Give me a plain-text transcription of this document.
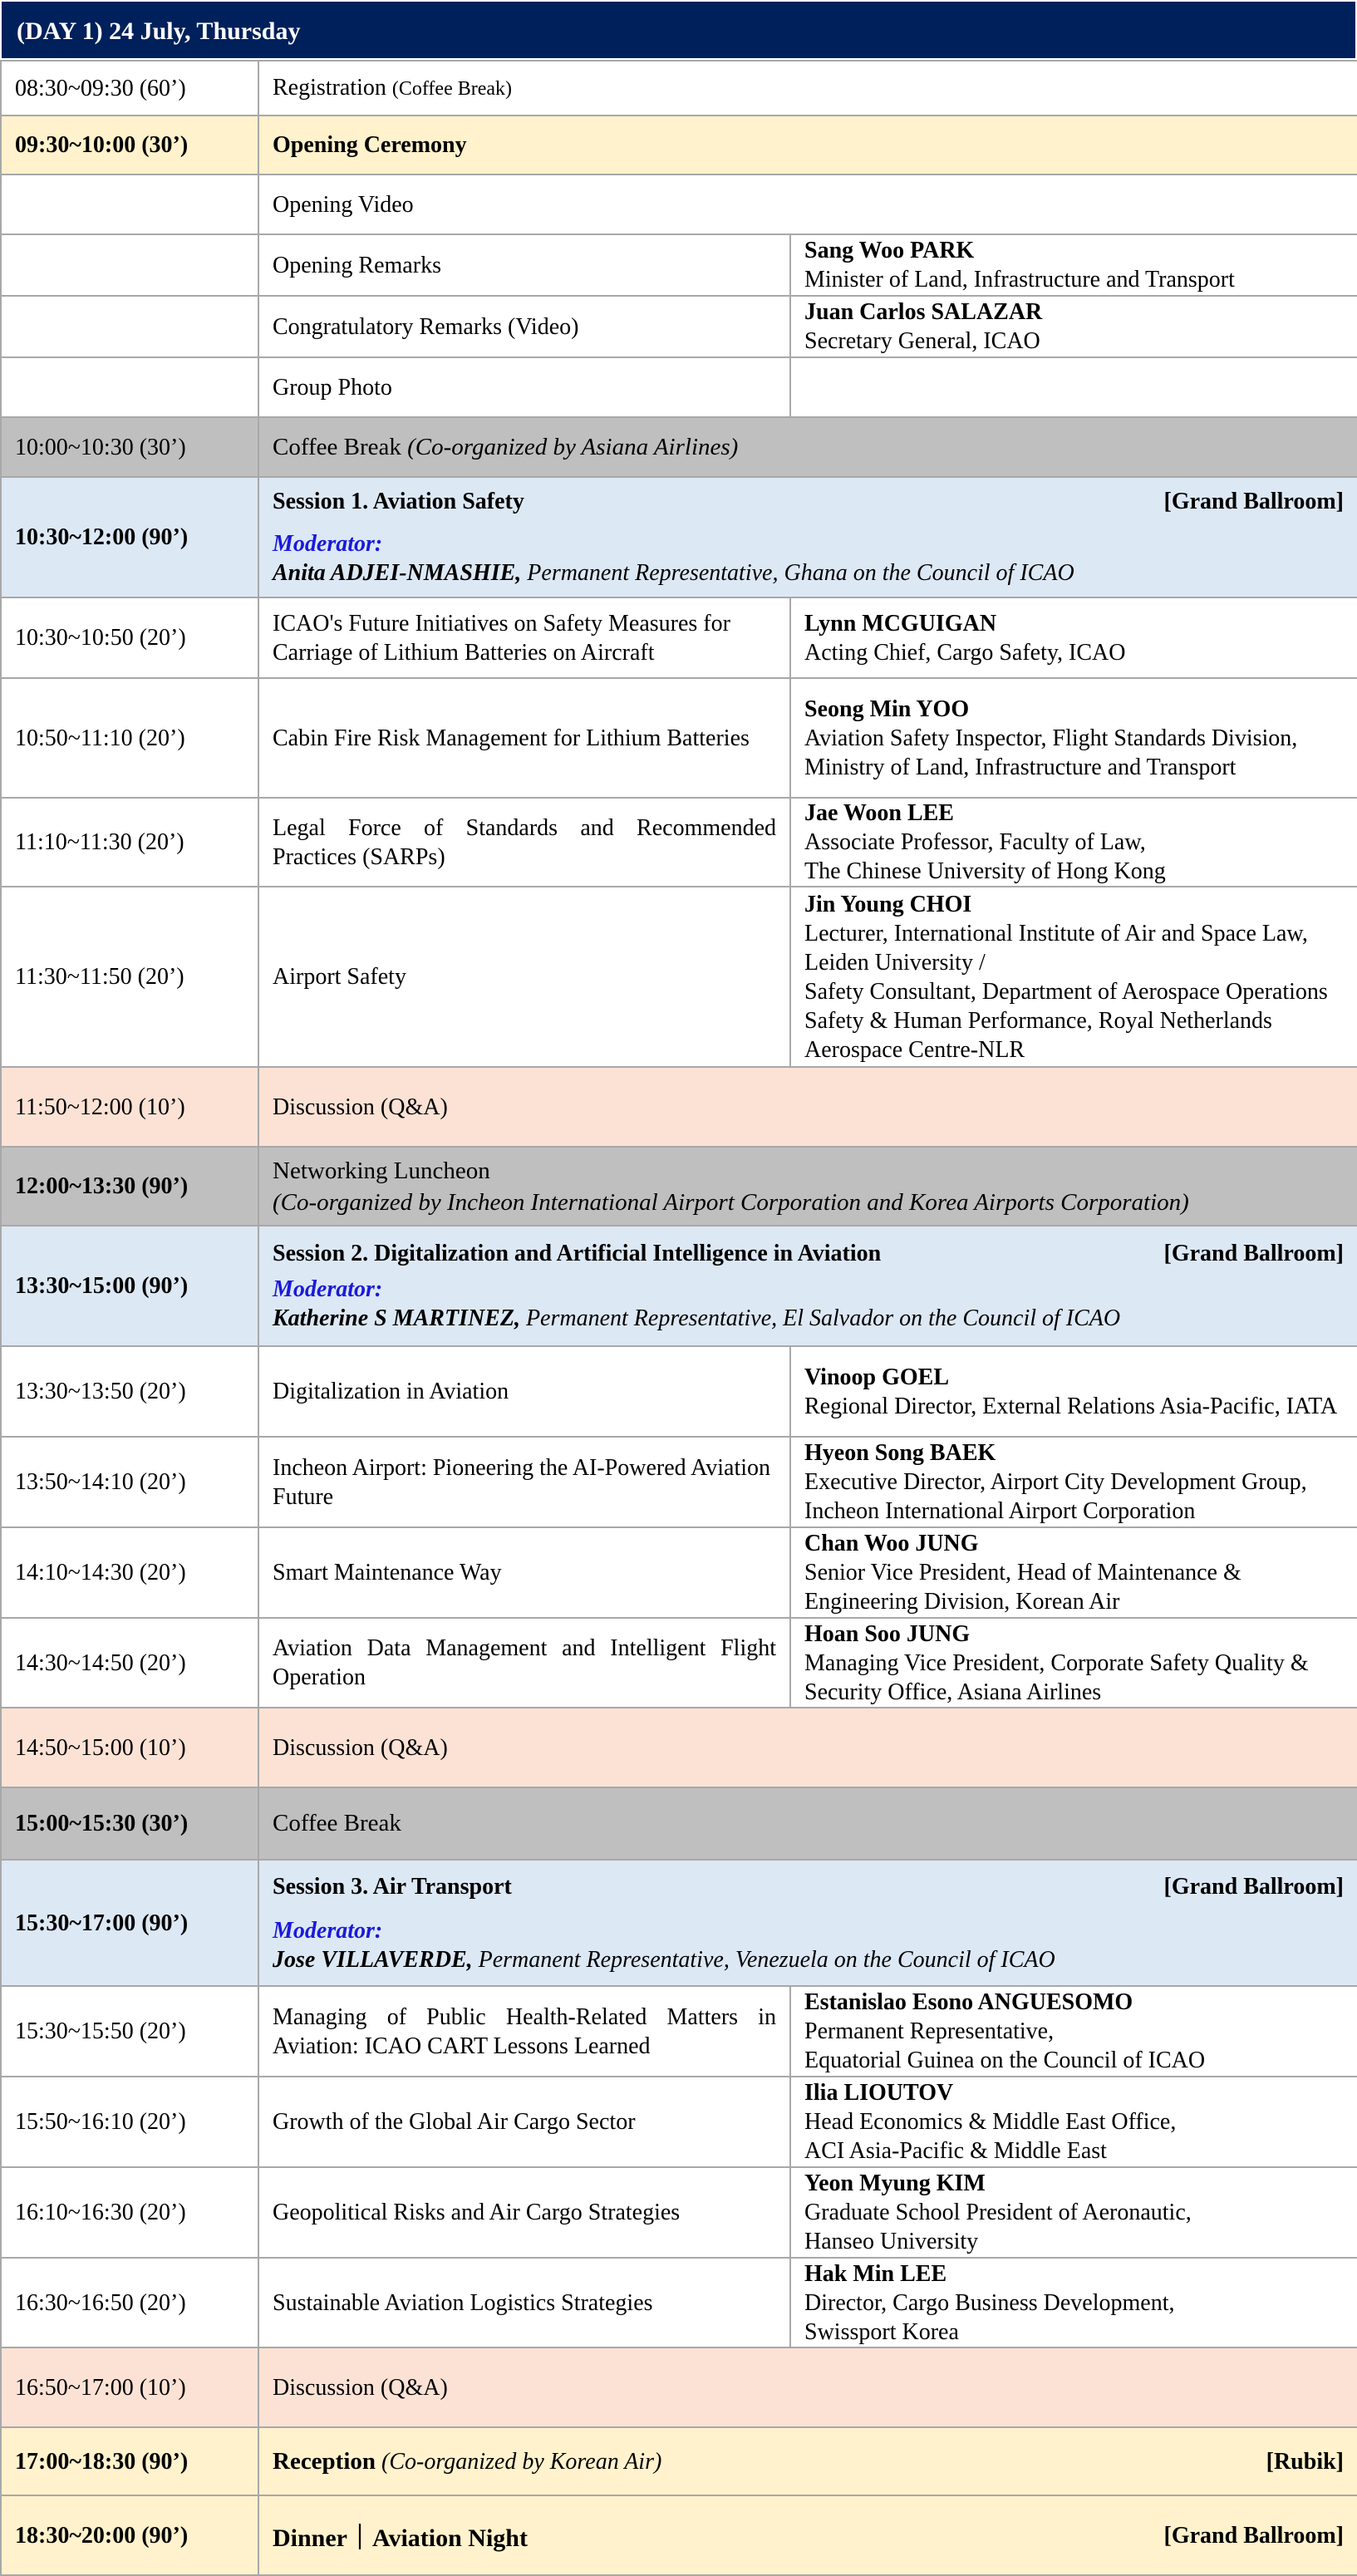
(DAY 1) 24 July, Thursday
08:30~09:30 (60’)	Registration (Coffee Break)	
09:30~10:00 (30’)	Opening Ceremony	
	Opening Video	
	Opening Remarks	Sang Woo PARK
Minister of Land, Infrastructure and Transport

	Congratulatory Remarks (Video)	Juan Carlos SALAZAR
Secretary General, ICAO

	Group Photo	
10:00~10:30 (30’)	Coffee Break (Co-organized by Asiana Airlines)	
10:30~12:00 (90’)	Session 1. Aviation Safety [Grand Ballroom]
Moderator:
Anita ADJEI-NMASHIE, Permanent Representative, Ghana on the Council of ICAO	

10:30~10:50 (20’)	ICAO's Future Initiatives on Safety Measures for Carriage of Lithium Batteries on Aircraft	Lynn MCGUIGAN
Acting Chief, Cargo Safety, ICAO

10:50~11:10 (20’)	Cabin Fire Risk Management for Lithium Batteries	Seong Min YOO
Aviation Safety Inspector, Flight Standards Division, Ministry of Land, Infrastructure and Transport

11:10~11:30 (20’)	Legal Force of Standards and Recommended Practices (SARPs)	Jae Woon LEE
Associate Professor, Faculty of Law,
The Chinese University of Hong Kong

11:30~11:50 (20’)	Airport Safety	Jin Young CHOI
Lecturer, International Institute of Air and Space Law, Leiden University /
Safety Consultant, Department of Aerospace Operations Safety & Human Performance, Royal Netherlands Aerospace Centre-NLR

11:50~12:00 (10’)	Discussion (Q&A)	
12:00~13:30 (90’)	Networking Luncheon
(Co-organized by Incheon International Airport Corporation and Korea Airports Corporation)	

13:30~15:00 (90’)	Session 2. Digitalization and Artificial Intelligence in Aviation [Grand Ballroom]
Moderator:
Katherine S MARTINEZ, Permanent Representative, El Salvador on the Council of ICAO	

13:30~13:50 (20’)	Digitalization in Aviation	Vinoop GOEL
Regional Director, External Relations Asia-Pacific, IATA

13:50~14:10 (20’)	Incheon Airport: Pioneering the AI-Powered Aviation Future	Hyeon Song BAEK
Executive Director, Airport City Development Group, Incheon International Airport Corporation

14:10~14:30 (20’)	Smart Maintenance Way	Chan Woo JUNG
Senior Vice President, Head of Maintenance & Engineering Division, Korean Air

14:30~14:50 (20’)	Aviation Data Management and Intelligent Flight Operation	Hoan Soo JUNG
Managing Vice President, Corporate Safety Quality & Security Office, Asiana Airlines

14:50~15:00 (10’)	Discussion (Q&A)	
15:00~15:30 (30’)	Coffee Break	
15:30~17:00 (90’)	Session 3. Air Transport [Grand Ballroom]
Moderator:
Jose VILLAVERDE, Permanent Representative, Venezuela on the Council of ICAO	

15:30~15:50 (20’)	Managing of Public Health-Related Matters in Aviation: ICAO CART Lessons Learned	Estanislao Esono ANGUESOMO
Permanent Representative,
Equatorial Guinea on the Council of ICAO

15:50~16:10 (20’)	Growth of the Global Air Cargo Sector	Ilia LIOUTOV
Head Economics & Middle East Office,
ACI Asia-Pacific & Middle East

16:10~16:30 (20’)	Geopolitical Risks and Air Cargo Strategies	Yeon Myung KIM
Graduate School President of Aeronautic,
Hanseo University

16:30~16:50 (20’)	Sustainable Aviation Logistics Strategies	Hak Min LEE
Director, Cargo Business Development,
Swissport Korea

16:50~17:00 (10’)	Discussion (Q&A)	
17:00~18:30 (90’)	Reception (Co-organized by Korean Air) [Rubik]	

18:30~20:00 (90’)	Dinner｜Aviation Night [Grand Ballroom]	
